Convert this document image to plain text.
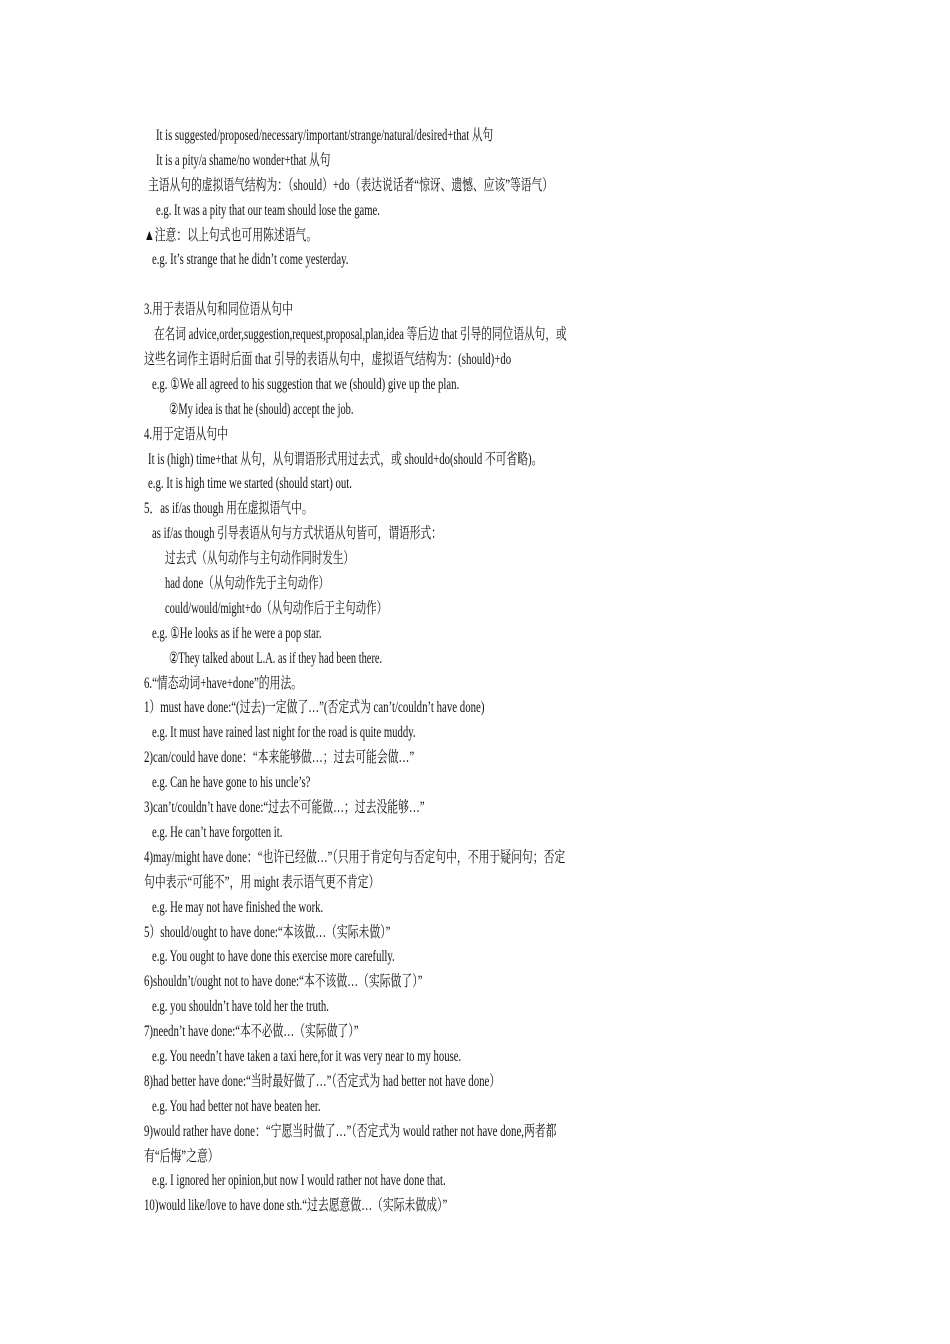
It is suggested/proposed/necessary/important/strange/natural/desired+that 从句
It is a pity/a shame/no wonder+that 从句
主语从句的虚拟语气结构为：（should）+do（表达说话者“惊讶、遗憾、应该”等语气）
e.g. It was a pity that our team should lose the game.
▲注意：以上句式也可用陈述语气。
e.g. It’s strange that he didn’t come yesterday.
3.用于表语从句和同位语从句中
在名词 advice,order,suggestion,request,proposal,plan,idea 等后边 that 引导的同位语从句，或
这些名词作主语时后面 that 引导的表语从句中，虚拟语气结构为：(should)+do
e.g. ①We all agreed to his suggestion that we (should) give up the plan.
②My idea is that he (should) accept the job.
4.用于定语从句中
It is (high) time+that 从句，从句谓语形式用过去式，或 should+do(should 不可省略)。
e.g. It is high time we started (should start) out.
5．as if/as though 用在虚拟语气中。
as if/as though 引导表语从句与方式状语从句皆可，谓语形式：
过去式（从句动作与主句动作同时发生）
had done（从句动作先于主句动作）
could/would/might+do（从句动作后于主句动作）
e.g. ①He looks as if he were a pop star.
②They talked about L.A. as if they had been there.
6.“情态动词+have+done”的用法。
1）must have done:“(过去)一定做了…”(否定式为 can’t/couldn’t have done)
e.g. It must have rained last night for the road is quite muddy.
2)can/could have done：“本来能够做…；过去可能会做…”
e.g. Can he have gone to his uncle’s?
3)can’t/couldn’t have done:“过去不可能做…；过去没能够…”
e.g. He can’t have forgotten it.
4)may/might have done：“也许已经做…”（只用于肯定句与否定句中，不用于疑问句；否定
句中表示“可能不”，用 might 表示语气更不肯定）
e.g. He may not have finished the work.
5）should/ought to have done:“本该做…（实际未做）”
e.g. You ought to have done this exercise more carefully.
6)shouldn’t/ought not to have done:“本不该做…（实际做了）”
e.g. you shouldn’t have told her the truth.
7)needn’t have done:“本不必做…（实际做了）”
e.g. You needn’t have taken a taxi here,for it was very near to my house.
8)had better have done:“当时最好做了…”（否定式为 had better not have done）
e.g. You had better not have beaten her.
9)would rather have done：“宁愿当时做了…”（否定式为 would rather not have done,两者都
有“后悔”之意）
e.g. I ignored her opinion,but now I would rather not have done that.
10)would like/love to have done sth.“过去愿意做…（实际未做成）”
